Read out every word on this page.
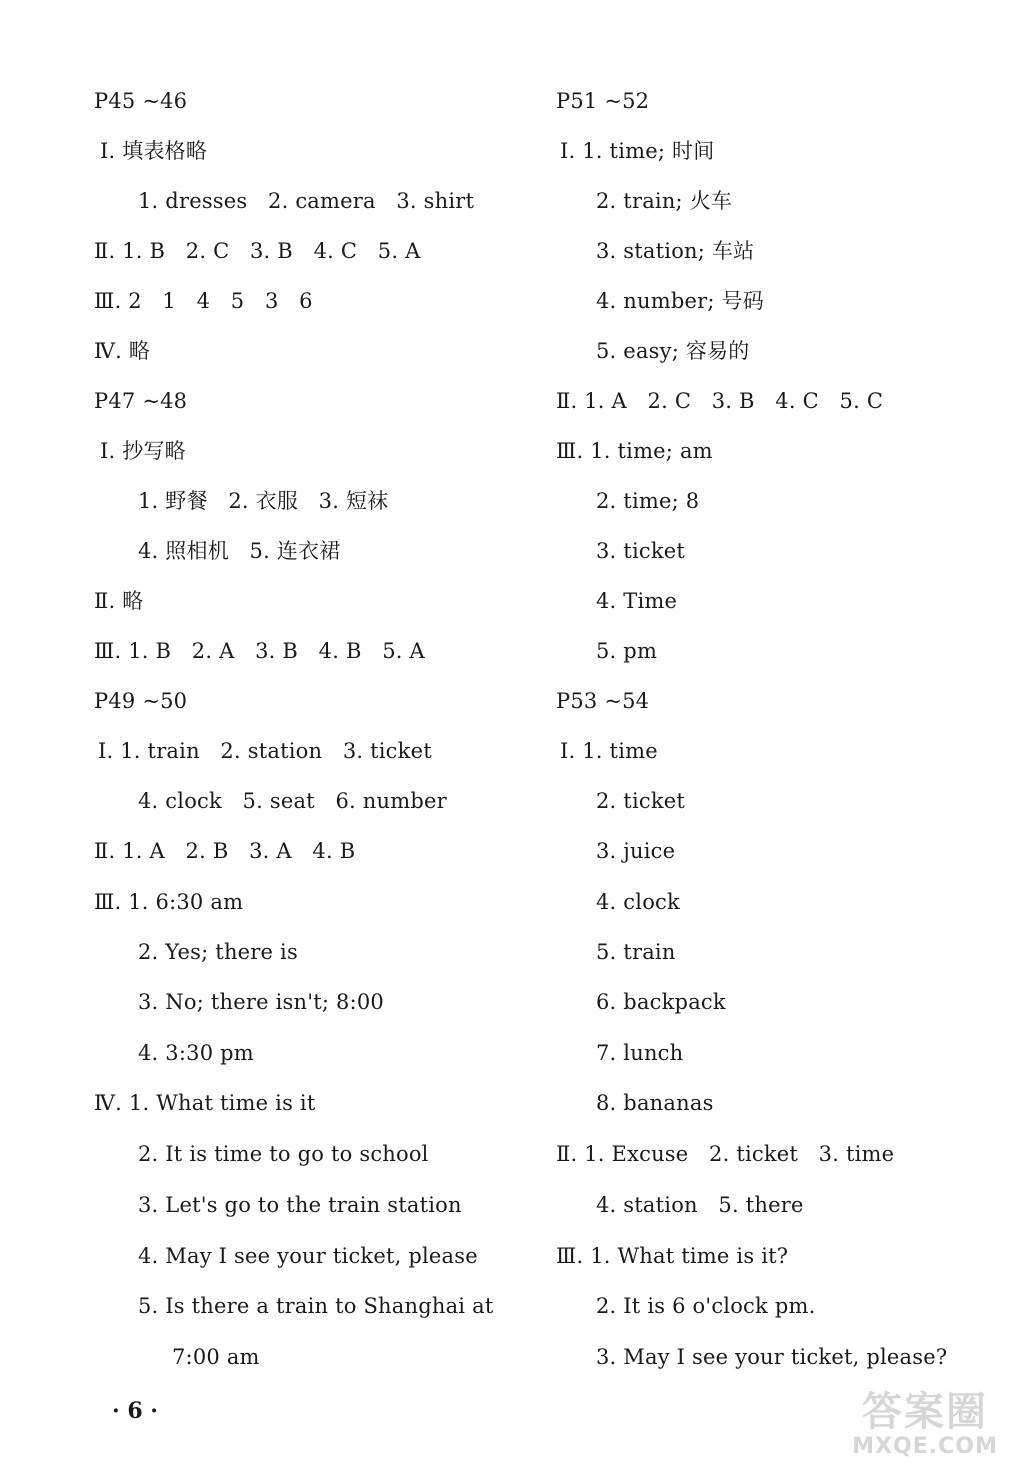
P45 ~46
Ⅰ. 填表格略
1. dresses   2. camera   3. shirt
Ⅱ. 1. B   2. C   3. B   4. C   5. A
Ⅲ. 2   1   4   5   3   6
Ⅳ. 略
P47 ~48
Ⅰ. 抄写略
1. 野餐   2. 衣服   3. 短袜
4. 照相机   5. 连衣裙
Ⅱ. 略
Ⅲ. 1. B   2. A   3. B   4. B   5. A
P49 ~50
Ⅰ. 1. train   2. station   3. ticket
4. clock   5. seat   6. number
Ⅱ. 1. A   2. B   3. A   4. B
Ⅲ. 1. 6:30 am
2. Yes; there is
3. No; there isn't; 8:00
4. 3:30 pm
Ⅳ. 1. What time is it
2. It is time to go to school
3. Let's go to the train station
4. May I see your ticket, please
5. Is there a train to Shanghai at
7:00 am
P51 ~52
Ⅰ. 1. time; 时间
2. train; 火车
3. station; 车站
4. number; 号码
5. easy; 容易的
Ⅱ. 1. A   2. C   3. B   4. C   5. C
Ⅲ. 1. time; am
2. time; 8
3. ticket
4. Time
5. pm
P53 ~54
Ⅰ. 1. time
2. ticket
3. juice
4. clock
5. train
6. backpack
7. lunch
8. bananas
Ⅱ. 1. Excuse   2. ticket   3. time
4. station   5. there
Ⅲ. 1. What time is it?
2. It is 6 o'clock pm.
3. May I see your ticket, please?
· 6 ·	答案圈
MXQE.COM
